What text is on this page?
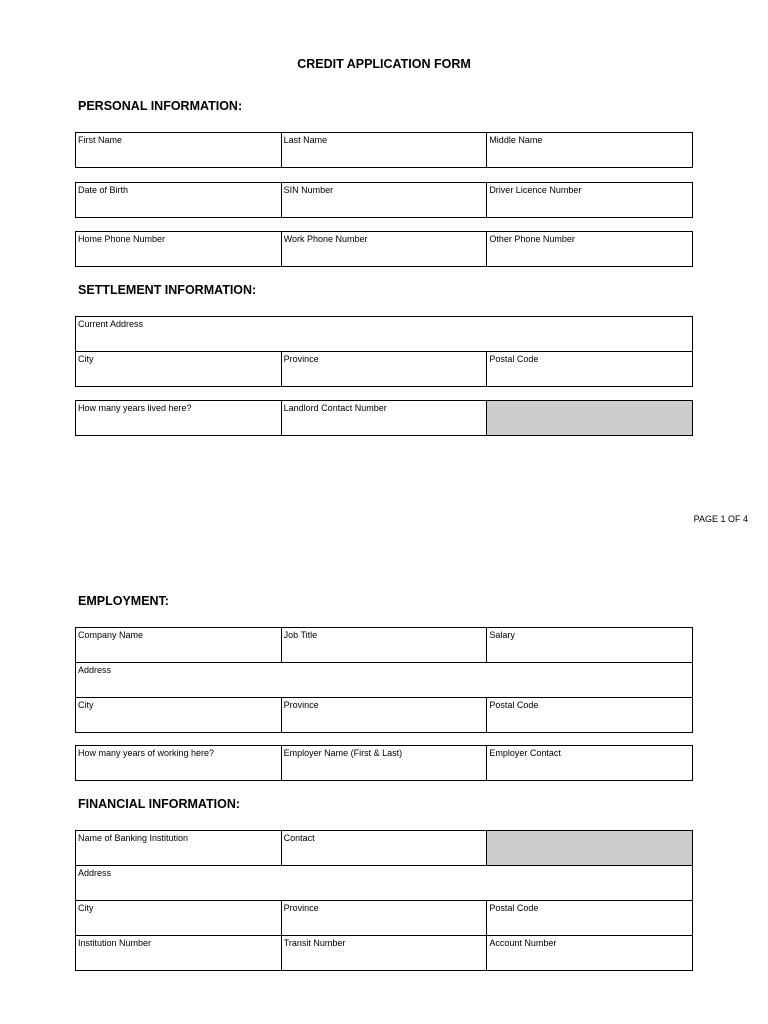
CREDIT APPLICATION FORM
PERSONAL INFORMATION:
First Name	Last Name	Middle Name
Date of Birth	SIN Number	Driver Licence Number
Home Phone Number	Work Phone Number	Other Phone Number
SETTLEMENT INFORMATION:
Current Address

City	Province	Postal Code
How many years lived here?	Landlord Contact Number

PAGE 1 OF 4
EMPLOYMENT:
Company Name	Job Title	Salary

Address		

City	Province	Postal Code
How many years of working here?	Employer Name (First & Last)	Employer Contact
FINANCIAL INFORMATION:
Name of Banking Institution	Contact	

Address		

City	Province	Postal Code

Institution Number	Transit Number	Account Number
